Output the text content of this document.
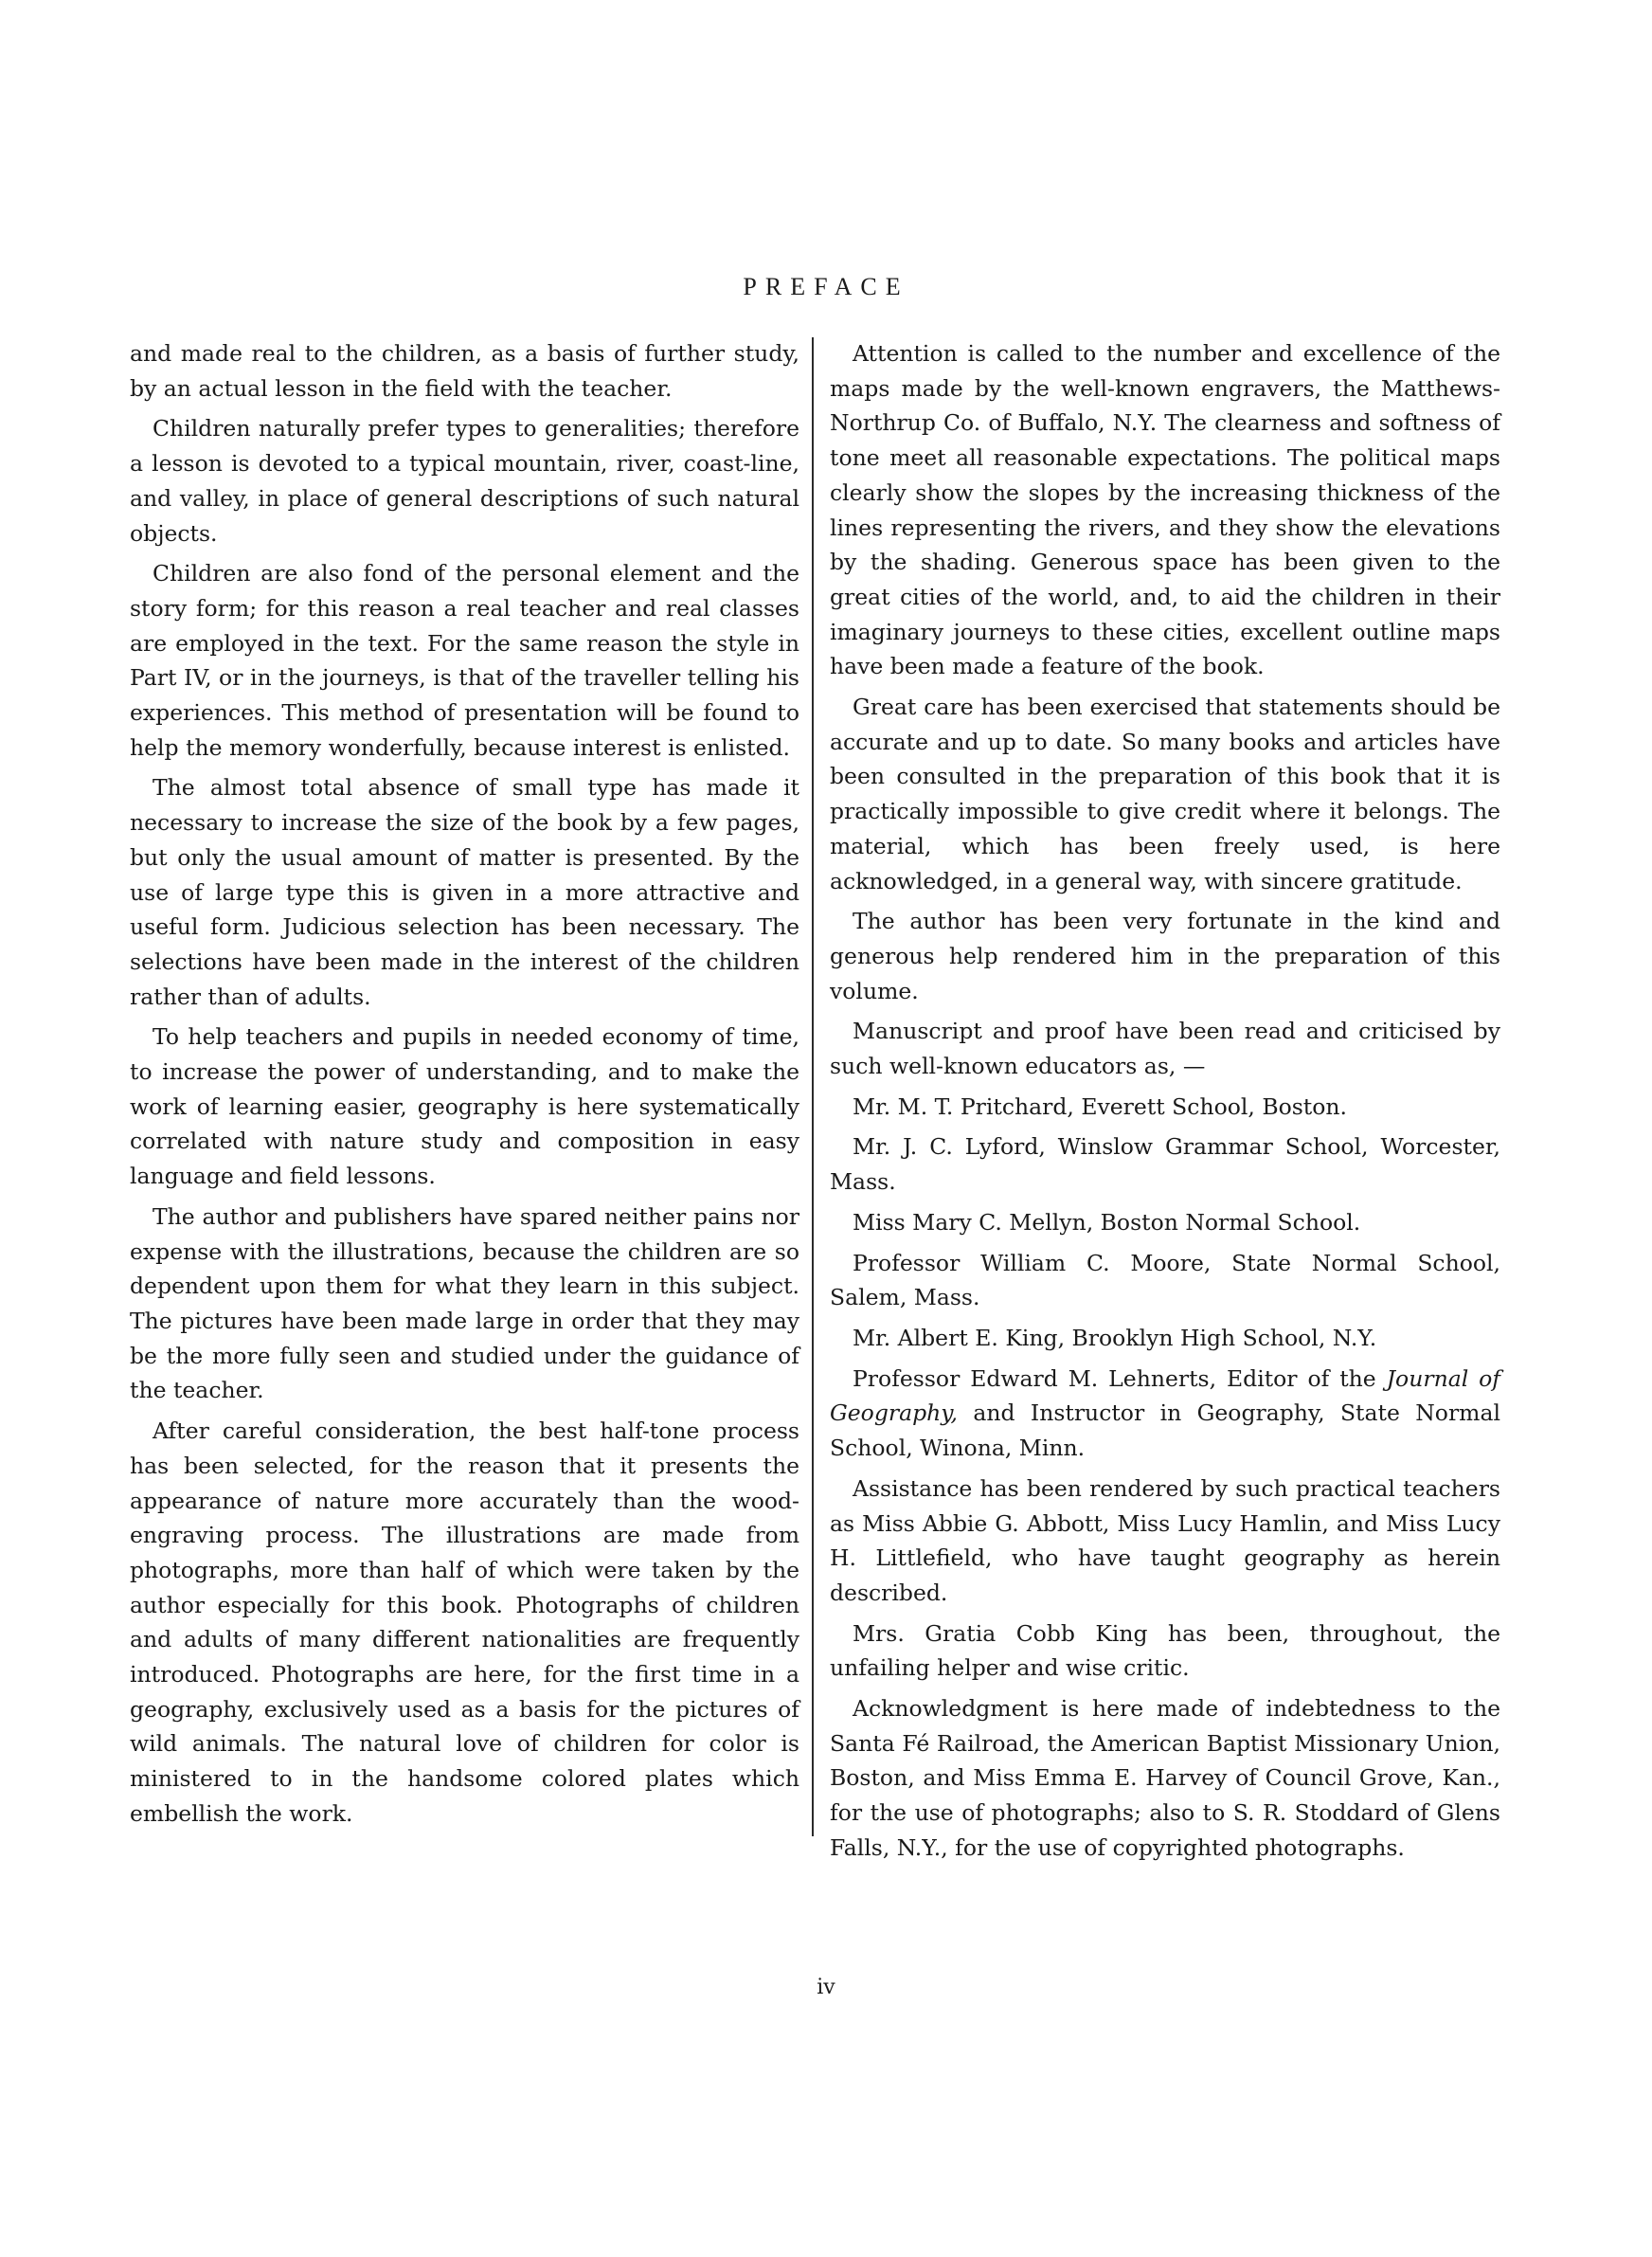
PREFACE

and made real to the children, as a basis of further study, by an actual lesson in the field with the teacher.

Children naturally prefer types to generalities; therefore a lesson is devoted to a typical mountain, river, coast-line, and valley, in place of general descriptions of such natural objects.

Children are also fond of the personal element and the story form; for this reason a real teacher and real classes are employed in the text. For the same reason the style in Part IV, or in the journeys, is that of the traveller telling his experiences. This method of presentation will be found to help the memory wonderfully, because interest is enlisted.

The almost total absence of small type has made it necessary to increase the size of the book by a few pages, but only the usual amount of matter is presented. By the use of large type this is given in a more attractive and useful form. Judicious selection has been necessary. The selections have been made in the interest of the children rather than of adults.

To help teachers and pupils in needed economy of time, to increase the power of understanding, and to make the work of learning easier, geography is here systematically correlated with nature study and composition in easy language and field lessons.

The author and publishers have spared neither pains nor expense with the illustrations, because the children are so dependent upon them for what they learn in this subject. The pictures have been made large in order that they may be the more fully seen and studied under the guidance of the teacher.

After careful consideration, the best half-tone process has been selected, for the reason that it presents the appearance of nature more accurately than the wood-engraving process. The illustrations are made from photographs, more than half of which were taken by the author especially for this book. Photographs of children and adults of many different nationalities are frequently introduced. Photographs are here, for the first time in a geography, exclusively used as a basis for the pictures of wild animals. The natural love of children for color is ministered to in the handsome colored plates which embellish the work.

Attention is called to the number and excellence of the maps made by the well-known engravers, the Matthews-Northrup Co. of Buffalo, N.Y. The clearness and softness of tone meet all reasonable expectations. The political maps clearly show the slopes by the increasing thickness of the lines representing the rivers, and they show the elevations by the shading. Generous space has been given to the great cities of the world, and, to aid the children in their imaginary journeys to these cities, excellent outline maps have been made a feature of the book.

Great care has been exercised that statements should be accurate and up to date. So many books and articles have been consulted in the preparation of this book that it is practically impossible to give credit where it belongs. The material, which has been freely used, is here acknowledged, in a general way, with sincere gratitude.

The author has been very fortunate in the kind and generous help rendered him in the preparation of this volume.

Manuscript and proof have been read and criticised by such well-known educators as, —

Mr. M. T. Pritchard, Everett School, Boston.

Mr. J. C. Lyford, Winslow Grammar School, Worcester, Mass.

Miss Mary C. Mellyn, Boston Normal School.

Professor William C. Moore, State Normal School, Salem, Mass.

Mr. Albert E. King, Brooklyn High School, N.Y.

Professor Edward M. Lehnerts, Editor of the Journal of Geography, and Instructor in Geography, State Normal School, Winona, Minn.

Assistance has been rendered by such practical teachers as Miss Abbie G. Abbott, Miss Lucy Hamlin, and Miss Lucy H. Littlefield, who have taught geography as herein described.

Mrs. Gratia Cobb King has been, throughout, the unfailing helper and wise critic.

Acknowledgment is here made of indebtedness to the Santa Fé Railroad, the American Baptist Missionary Union, Boston, and Miss Emma E. Harvey of Council Grove, Kan., for the use of photographs; also to S. R. Stoddard of Glens Falls, N.Y., for the use of copyrighted photographs.

iv
